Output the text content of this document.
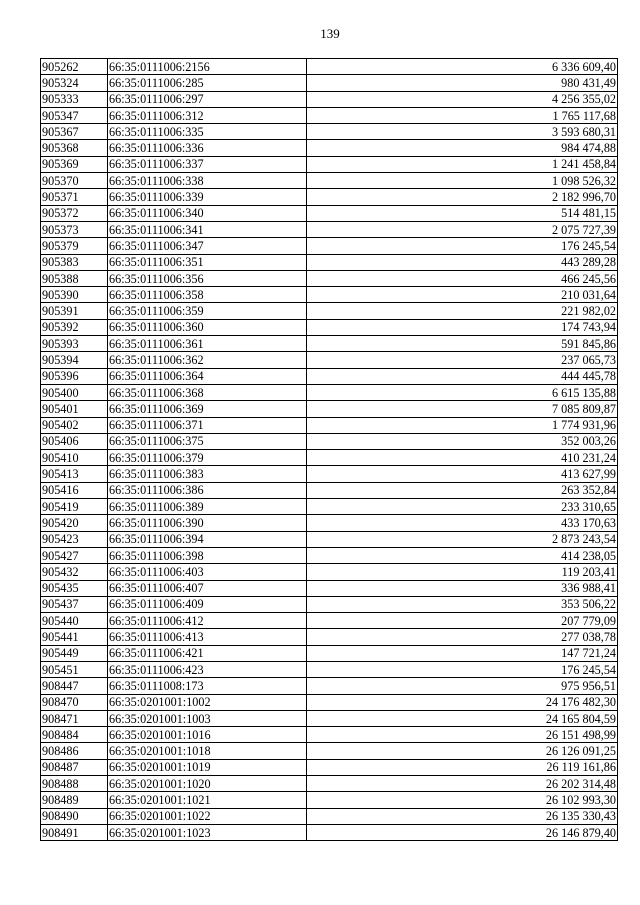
139
905262	66:35:0111006:2156	6 336 609,40
905324	66:35:0111006:285	980 431,49
905333	66:35:0111006:297	4 256 355,02
905347	66:35:0111006:312	1 765 117,68
905367	66:35:0111006:335	3 593 680,31
905368	66:35:0111006:336	984 474,88
905369	66:35:0111006:337	1 241 458,84
905370	66:35:0111006:338	1 098 526,32
905371	66:35:0111006:339	2 182 996,70
905372	66:35:0111006:340	514 481,15
905373	66:35:0111006:341	2 075 727,39
905379	66:35:0111006:347	176 245,54
905383	66:35:0111006:351	443 289,28
905388	66:35:0111006:356	466 245,56
905390	66:35:0111006:358	210 031,64
905391	66:35:0111006:359	221 982,02
905392	66:35:0111006:360	174 743,94
905393	66:35:0111006:361	591 845,86
905394	66:35:0111006:362	237 065,73
905396	66:35:0111006:364	444 445,78
905400	66:35:0111006:368	6 615 135,88
905401	66:35:0111006:369	7 085 809,87
905402	66:35:0111006:371	1 774 931,96
905406	66:35:0111006:375	352 003,26
905410	66:35:0111006:379	410 231,24
905413	66:35:0111006:383	413 627,99
905416	66:35:0111006:386	263 352,84
905419	66:35:0111006:389	233 310,65
905420	66:35:0111006:390	433 170,63
905423	66:35:0111006:394	2 873 243,54
905427	66:35:0111006:398	414 238,05
905432	66:35:0111006:403	119 203,41
905435	66:35:0111006:407	336 988,41
905437	66:35:0111006:409	353 506,22
905440	66:35:0111006:412	207 779,09
905441	66:35:0111006:413	277 038,78
905449	66:35:0111006:421	147 721,24
905451	66:35:0111006:423	176 245,54
908447	66:35:0111008:173	975 956,51
908470	66:35:0201001:1002	24 176 482,30
908471	66:35:0201001:1003	24 165 804,59
908484	66:35:0201001:1016	26 151 498,99
908486	66:35:0201001:1018	26 126 091,25
908487	66:35:0201001:1019	26 119 161,86
908488	66:35:0201001:1020	26 202 314,48
908489	66:35:0201001:1021	26 102 993,30
908490	66:35:0201001:1022	26 135 330,43
908491	66:35:0201001:1023	26 146 879,40
